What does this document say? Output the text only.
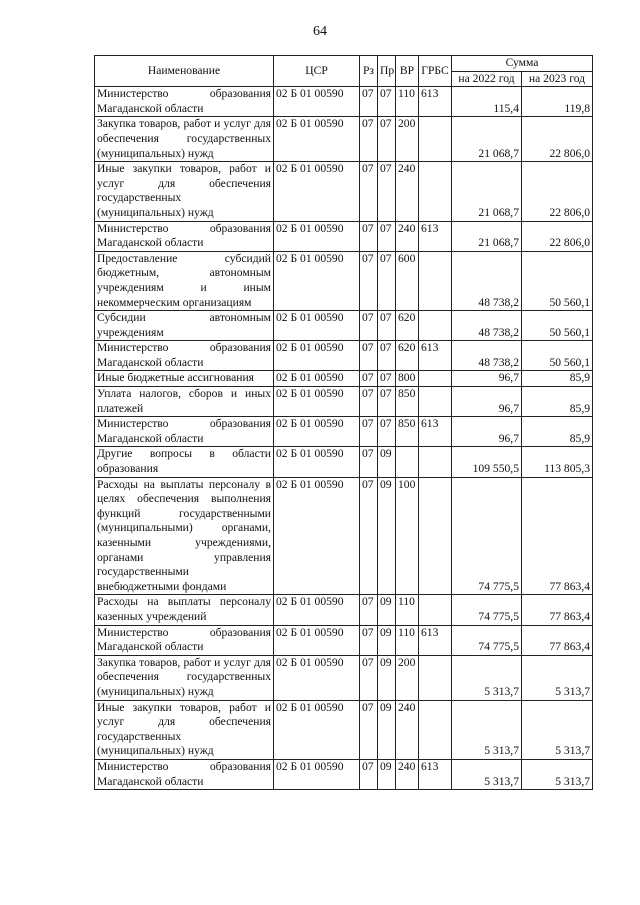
64
Наименование	ЦСР	Рз	Пр	ВР	ГРБС	Сумма	
						на 2022 год	на 2023 год
Министерство образования Магаданской области	02 Б 01 00590	07	07	110	613	115,4	119,8
Закупка товаров, работ и услуг для обеспечения государственных (муниципальных) нужд	02 Б 01 00590	07	07	200		21 068,7	22 806,0
Иные закупки товаров, работ и услуг для обеспечения государственных (муниципальных) нужд	02 Б 01 00590	07	07	240		21 068,7	22 806,0
Министерство образования Магаданской области	02 Б 01 00590	07	07	240	613	21 068,7	22 806,0
Предоставление субсидий бюджетным, автономным учреждениям и иным некоммерческим организациям	02 Б 01 00590	07	07	600		48 738,2	50 560,1
Субсидии автономным учреждениям	02 Б 01 00590	07	07	620		48 738,2	50 560,1
Министерство образования Магаданской области	02 Б 01 00590	07	07	620	613	48 738,2	50 560,1
Иные бюджетные ассигнования	02 Б 01 00590	07	07	800		96,7	85,9
Уплата налогов, сборов и иных платежей	02 Б 01 00590	07	07	850		96,7	85,9
Министерство образования Магаданской области	02 Б 01 00590	07	07	850	613	96,7	85,9
Другие вопросы в области образования	02 Б 01 00590	07	09			109 550,5	113 805,3
Расходы на выплаты персоналу в целях обеспечения выполнения функций государственными (муниципальными) органами, казенными учреждениями, органами управления государственными внебюджетными фондами	02 Б 01 00590	07	09	100		74 775,5	77 863,4
Расходы на выплаты персоналу казенных учреждений	02 Б 01 00590	07	09	110		74 775,5	77 863,4
Министерство образования Магаданской области	02 Б 01 00590	07	09	110	613	74 775,5	77 863,4
Закупка товаров, работ и услуг для обеспечения государственных (муниципальных) нужд	02 Б 01 00590	07	09	200		5 313,7	5 313,7
Иные закупки товаров, работ и услуг для обеспечения государственных (муниципальных) нужд	02 Б 01 00590	07	09	240		5 313,7	5 313,7
Министерство образования Магаданской области	02 Б 01 00590	07	09	240	613	5 313,7	5 313,7
